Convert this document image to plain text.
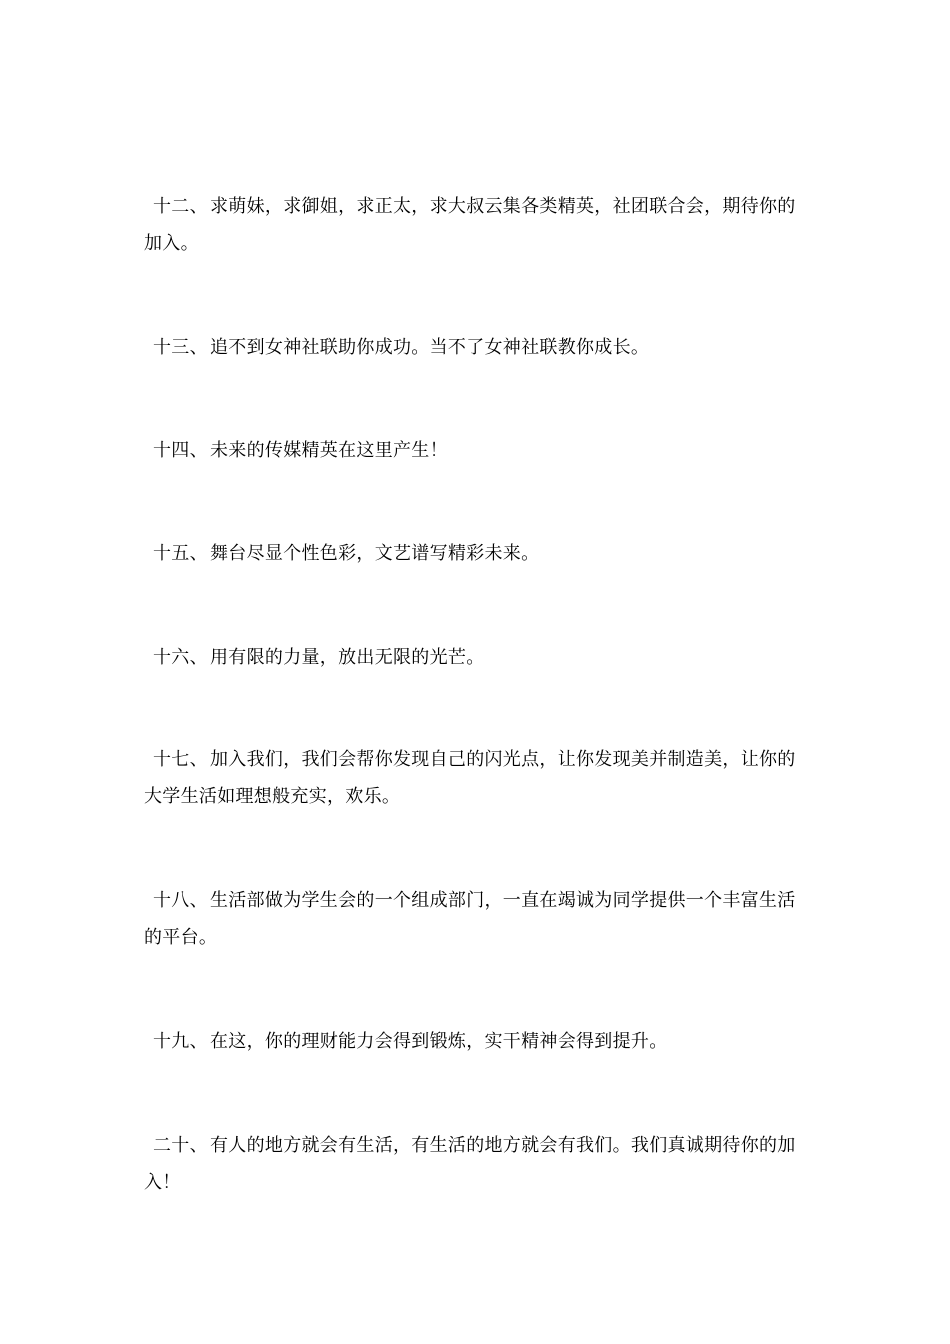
十二、 求萌妹，求御姐，求正太，求大叔云集各类精英，社团联合会，期待你的加入。
十三、 追不到女神社联助你成功。当不了女神社联教你成长。
十四、 未来的传媒精英在这里产生！
十五、 舞台尽显个性色彩，文艺谱写精彩未来。
十六、 用有限的力量，放出无限的光芒。
十七、 加入我们，我们会帮你发现自己的闪光点，让你发现美并制造美，让你的大学生活如理想般充实，欢乐。
十八、 生活部做为学生会的一个组成部门，一直在竭诚为同学提供一个丰富生活的平台。
十九、 在这，你的理财能力会得到锻炼，实干精神会得到提升。
二十、 有人的地方就会有生活，有生活的地方就会有我们。我们真诚期待你的加入！
